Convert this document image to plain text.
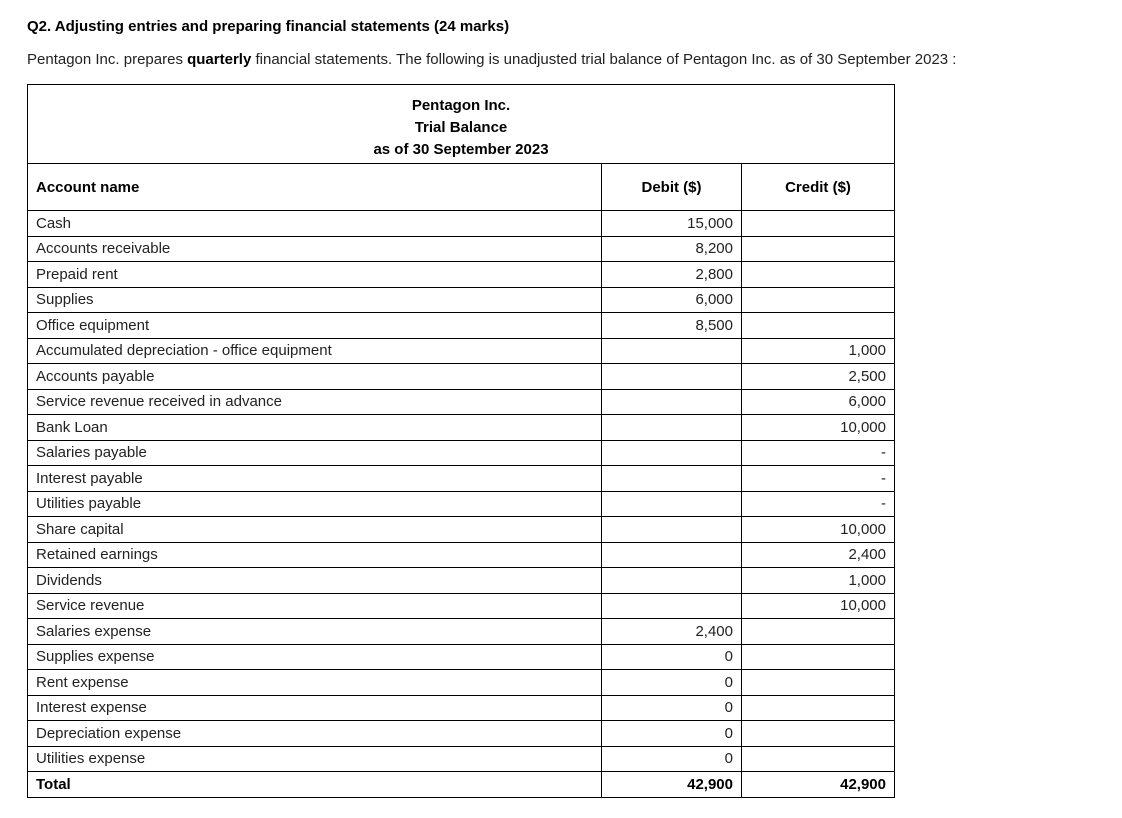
Q2. Adjusting entries and preparing financial statements (24 marks)
Pentagon Inc. prepares quarterly financial statements. The following is unadjusted trial balance of Pentagon Inc. as of 30 September 2023 :
Pentagon Inc.
Trial Balance
as of 30 September 2023		

Account name	Debit ($)	Credit ($)
Cash	15,000	
Accounts receivable	8,200	
Prepaid rent	2,800	
Supplies	6,000	
Office equipment	8,500	
Accumulated depreciation - office equipment		1,000
Accounts payable		2,500
Service revenue received in advance		6,000
Bank Loan		10,000
Salaries payable		-
Interest payable		-
Utilities payable		-
Share capital		10,000
Retained earnings		2,400
Dividends		1,000
Service revenue		10,000
Salaries expense	2,400	
Supplies expense	0	
Rent expense	0	
Interest expense	0	
Depreciation expense	0	
Utilities expense	0	
Total	42,900	42,900
